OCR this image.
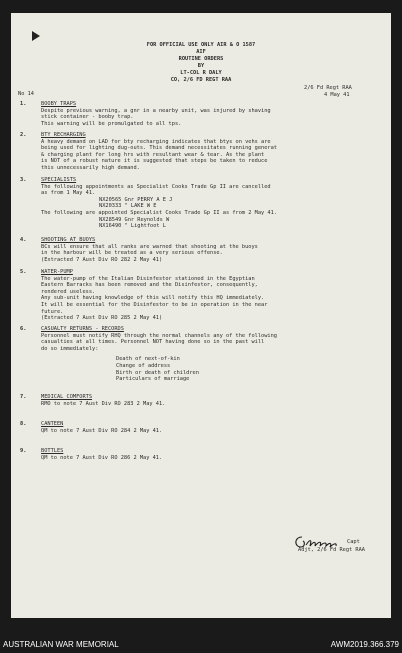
FOR OFFICIAL USE ONLY AIR & O 1587
AIF
ROUTINE ORDERS
BY
LT-COL R DALY
CO, 2/6 FD REGT RAA
No 14
2/6 Fd Regt RAA
4 May 41
1.	BOOBY TRAPS
Despite previous warning, a gnr in a nearby unit, was injured by shaving
stick container - booby trap.
This warning will be promulgated to all tps.
2.	BTY RECHARGING
A heavy demand on LAD for bty recharging indicates that btys on vehs are
being used for lighting dug-outs. This demand necessitates running generat
& charging plant for long hrs with resultant wear & tear. As the plant
is NOT of a robust nature it is suggested that steps be taken to reduce
this unnecessarily high demand.
3.	SPECIALISTS
The following appointments as Specialist Cooks Trade Gp II are cancelled
as from 1 May 41.
NX20565 Gnr PERRY A E J
NX20333 " LAKE W E
The following are appointed Specialist Cooks Trade Gp II as from 2 May 41.
NX28549 Gnr Reynolds W
NX16490 " Lightfoot L
4.	SHOOTING AT BUOYS
BCs will ensure that all ranks are warned that shooting at the buoys
in the harbour will be treated as a very serious offense.
(Extracted 7 Aust Div RO 282 2 May 41)
5.	WATER-PUMP
The water-pump of the Italian Disinfestor stationed in the Egyptian
Eastern Barracks has been removed and the Disinfestor, consequently,
rendered useless.
Any sub-unit having knowledge of this will notify this HQ immediately.
It will be essential for the Disinfestor to be in operation in the near
future.
(Extracted 7 Aust Div RO 285 2 May 41)
6.	CASUALTY RETURNS - RECORDS
Personnel must notify RHQ through the normal channels any of the following
casualties at all times. Personnel NOT having done so in the past will
do so immediately:
Death of next-of-kin
Change of address
Birth or death of children
Particulars of marriage
7.	MEDICAL COMFORTS
RMO to note 7 Aust Div RO 283 2 May 41.
8.	CANTEEN
QM to note 7 Aust Div RO 284 2 May 41.
9.	BOTTLES
QM to note 7 Aust Div RO 286 2 May 41.
Capt
Adjt, 2/6 Fd Regt RAA
AUSTRALIAN WAR MEMORIAL	AWM2019.366.379
